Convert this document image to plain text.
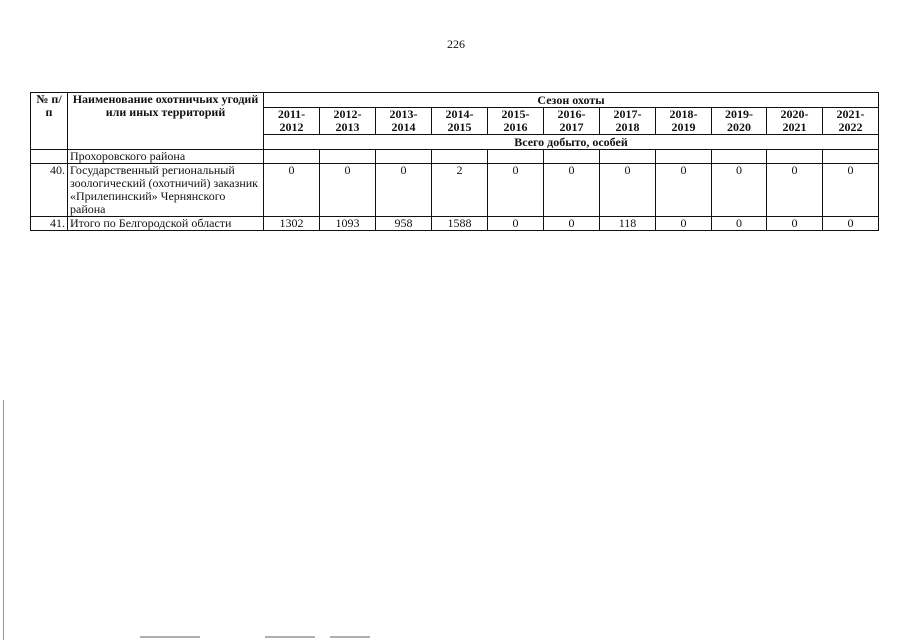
226
№ п/п	Наименование охотничьих угодий или иных территорий	Сезон охоты										
		2011-2012	2012-2013	2013-2014	2014-2015	2015-2016	2016-2017	2017-2018	2018-2019	2019-2020	2020-2021	2021-2022
		Всего добыто, особей										
	Прохоровского района											
40.	Государственный региональный зоологический (охотничий) заказник «Прилепинский» Чернянского района	0	0	0	2	0	0	0	0	0	0	0
41.	Итого по Белгородской области	1302	1093	958	1588	0	0	118	0	0	0	0
